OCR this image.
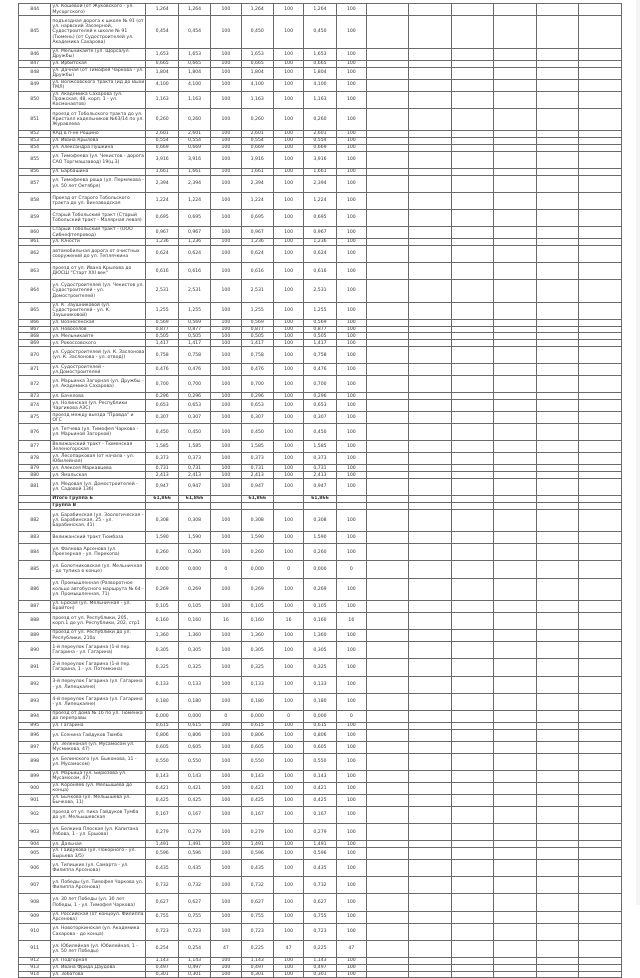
844	ул. Кошевой (от Жуковского - ул. Мусоргского)	1,264	1,264	100	1,264	100	1,264	100						
845	подъездная дорога к школе № 91 (от ул. нарвский Заозерной, Судостроителей к школе № 91 (Тюмень) (от Судостроителей ул. Академика Сахарова)	0,454	0,454	100	0,450	100	0,450	100						
846	ул. Мельникайте (ул. Щорса/ул. Дружбы)	1,653	1,653	100	1,653	100	1,653	100						
847	ул. Ирбитская	0,665	0,665	100	0,665	100	0,665	100						
848	ул. Дачная (от Тимофея Чаркова - ул. Дружбы)	1,804	1,804	100	1,804	100	1,804	100						
849	ул. Волжсовского тракта (ид до Выхи ТМЛ)	4,100	4,100	100	4,100	100	4,100	100						
850	ул. Академика Сахарова (ул. Пражская, 48, корп. 1 - ул. Космонавтов)	1,163	1,163	100	1,163	100	1,163	100						
851	проезд от Тобольского тракта до ул. Кристалл кадельников №63/14 по ул. Журавлева	0,260	0,260	100	0,260	100	0,260	100						
852	КАД в п-не Рощино	2,601	2,601	100	2,601	100	2,601	100						
853	ул. Ивана Крылова	0,554	0,554	100	0,554	100	0,554	100						
854	ул. Александра Пушкина	0,669	0,669	100	0,669	100	0,669	100						
855	ул. Тимофеева (ул. Чекистов - дорога САО Торгмашзавод) 19(ц.3)	3,916	3,916	100	3,916	100	3,916	100						
856	ул. Барбашина	1,661	1,661	100	1,661	100	1,661	100						
857	ул. Тимофеева роща (ул. Пермякова - ул. 50 лет Октября)	2,394	2,394	100	2,394	100	2,394	100						
858	Проезд от Старого Тобольского тракта до ул. Винзаводская	1,224	1,224	100	1,224	100	1,224	100						
859	Старый Тобольский тракт (Старый Тобольский тракт - Малярная левая)	0,695	0,695	100	0,695	100	0,695	100						
860	Старый Тобольский тракт - (ООО Сибнефтепровод)	0,967	0,967	100	0,967	100	0,967	100						
861	ул. Юности	1,236	1,236	100	1,236	100	1,236	100						
862	автомобильная дорога от очистных сооружений до ул. Теплячкина	0,624	0,624	100	0,624	100	0,624	100						
863	проезд от ул. Ивана Крылова до ДЮСШ "Старт XXI век"	0,616	0,616	100	0,616	100	0,616	100						
864	ул. Судостроителей (ул. Чекистов ул. Судостроителей - ул. Домостроителей)	2,531	2,531	100	2,531	100	2,531	100						
865	ул. К. Заушниковой (ул. Судостроителей - ул. К. Заушниковой)	1,255	1,255	100	1,255	100	1,255	100						
866	ул. Вознесенская	0,569	0,569	100	0,569	100	0,569	100						
867	ул. Новоселов	0,877	0,877	100	0,877	100	0,877	100						
868	ул. Мельникайте	0,505	0,505	100	0,505	100	0,505	100						
869	ул. Рокоссовского	1,417	1,417	100	1,417	100	1,417	100						
870	ул. Судостроителей (ул. К. Заслонова (ул. К. Заслонова - ул. отвод))	0,758	0,758	100	0,758	100	0,758	100						
871	ул. Судостроителей - ул.Домостроителей	0,476	0,476	100	0,476	100	0,476	100						
872	ул. Марьинка Загорная (ул. Дружбы - ул. Академика Сахарова)	0,700	0,700	100	0,700	100	0,700	100						
873	ул. Бачелова	0,296	0,296	100	0,296	100	0,296	100						
874	ул. Нолинская (ул. Республики Чаргикова АЗС)	0,653	0,653	100	0,653	100	0,653	100						
875	проезд между вьезда "Правда" и ОГС	0,307	0,307	100	0,307	100	0,307	100						
876	ул. Тетчева (ул. Тимофея Чаркова - ул. Марьиной Загорной)	0,450	0,450	100	0,450	100	0,450	100						
877	Велижанский тракт - Тюменская Зеленогорская	1,585	1,585	100	1,585	100	1,585	100						
878	ул. Лесопарковая (от начала - ул. Юбилейная)	0,373	0,373	100	0,373	100	0,373	100						
879	ул. Алексея Маркавцева	0,731	0,731	100	0,731	100	0,731	100						
880	ул. Ямальская	2,413	2,413	100	2,413	100	2,413	100						
881	ул. Медовая (ул. Домостроителей - ул. Садовой 13б)	0,947	0,947	100	0,947	100	0,947	100						
	Итого Группа Б	61,866	61,866		61,866		61,866							
	Группа В													
882	ул. Барабинская (ул. Зоологическая - ул. Барабинская, 25 - ул. Барабинская, 41)	0,308	0,308	100	0,308	100	0,308	100						
883	Велижанский тракт Тюмбаза	1,590	1,590	100	1,590	100	1,590	100						
884	ул. Фалнова Арсенова (ул. Проезерная - ул. Перекопа)	0,260	0,260	100	0,260	100	0,260	100						
885	ул. Болотниковская (ул. Мельничная - до тупика в конце)	0,000	0,000	0	0,000	0	0,000	0						
886	ул. Промышленная (Разворотное кольцо автобусного маршрута № 64 - ул. Промышленная, 71)	0,269	0,269	100	0,269	100	0,269	100						
887	ул. Ерская (ул. Мельничная - ул. Брайтон)	0,105	0,105	100	0,105	100	0,105	100						
888	проезд от ул. Республики, 205, корп.1 до ул. Республики, 202, стр1	0,160	0,160	16	0,160	16	0,160	16						
889	проезд от ул. Республики до ул. Республики, 210а	1,360	1,360	100	1,360	100	1,360	100						
890	1-й переулок Гагарина (1-й пер. Гагарина - ул. Гагарина)	0,305	0,305	100	0,305	100	0,305	100						
891	2-й переулок Гагарина (1-й пер. Гагарина, 1 - ул. Потемкина)	0,325	0,325	100	0,325	100	0,325	100						
892	3-й переулок Гагарина (ул. Гагарина - ул. Липецкаяне)	0,133	0,133	100	0,133	100	0,133	100						
893	4-й переулок Гагарина (ул. Гагарина - ул. Липецкаяне)	0,180	0,180	100	0,180	100	0,180	100						
894	проезд от дома № 16 по ул. Тюменка до переправы	0,000	0,000	0	0,000	0	0,000	0						
895	ул. Гагарина	0,615	0,615	100	0,615	100	0,615	100						
896	ул. Есенина Гайдуков Тюмба	0,806	0,806	100	0,806	100	0,806	100						
897	ул. Зелёноная (ул. Мусамосом ул. Мусмикова, 47)	0,605	0,605	100	0,605	100	0,605	100						
898	ул. Белинского (ул. Быконова, 11 - ул. Мусамосом)	0,550	0,550	100	0,550	100	0,550	100						
899	ул. Марьица (ул. Бирюзова ул. Мусамосом, 47)	0,143	0,143	100	0,143	100	0,143	100						
900	ул. Короняев (ул. Мельышева до конца)	0,421	0,421	100	0,421	100	0,421	100						
901	ул. Бычкова (ул. Мельышева ул. Бычкова, 11)	0,425	0,425	100	0,425	100	0,425	100						
902	проезд от ул. пика Гайдуков Тумба до ул. Мельышевская	0,167	0,167	100	0,167	100	0,167	100						
903	ул. Белкина Плоская (ул. Капитана Рябова, 1 - ул. Ершова)	0,279	0,279	100	0,279	100	0,279	100						
904	ул. Дальная	1,491	1,491	100	1,491	100	1,491	100						
905	ул. Гайдукова (ул. Покорного - ул. Бырьева 3/5)	0,596	0,596	100	0,596	100	0,596	100						
906	ул. Типицких (ул. Самарта - ул. Филиппа Арсенова)	0,435	0,435	100	0,435	100	0,435	100						
907	ул. Победы (ул. Тимофея Чаркова ул. Филиппа Арсенова)	0,732	0,732	100	0,732	100	0,732	100						
908	ул. 30 лет Победы (ул. 30 лет Победы, 1 - ул. Тимофея Чаркова)	0,627	0,627	100	0,627	100	0,627	100						
909	ул. Российская (от концоул. Филиппа Арсенова)	0,755	0,755	100	0,755	100	0,755	100						
910	ул. Новоторкинская (ул. Академика Сахарова - до конца)	0,723	0,723	100	0,723	100	0,723	100						
911	ул. Юбилейная (ул. Юбилейная, 1 - ул. 50 лет Победы)	0,254	0,254	47	0,225	47	0,225	47						
912	ул. Подгорная	1,143	1,143	100	1,143	100	1,143	100						
913	ул. Ивана Фрида Даудова	0,497	0,497	100	0,497	100	0,497	100						
914	ул. Зобатова	0,301	0,301	100	0,301	100	0,301	100						
